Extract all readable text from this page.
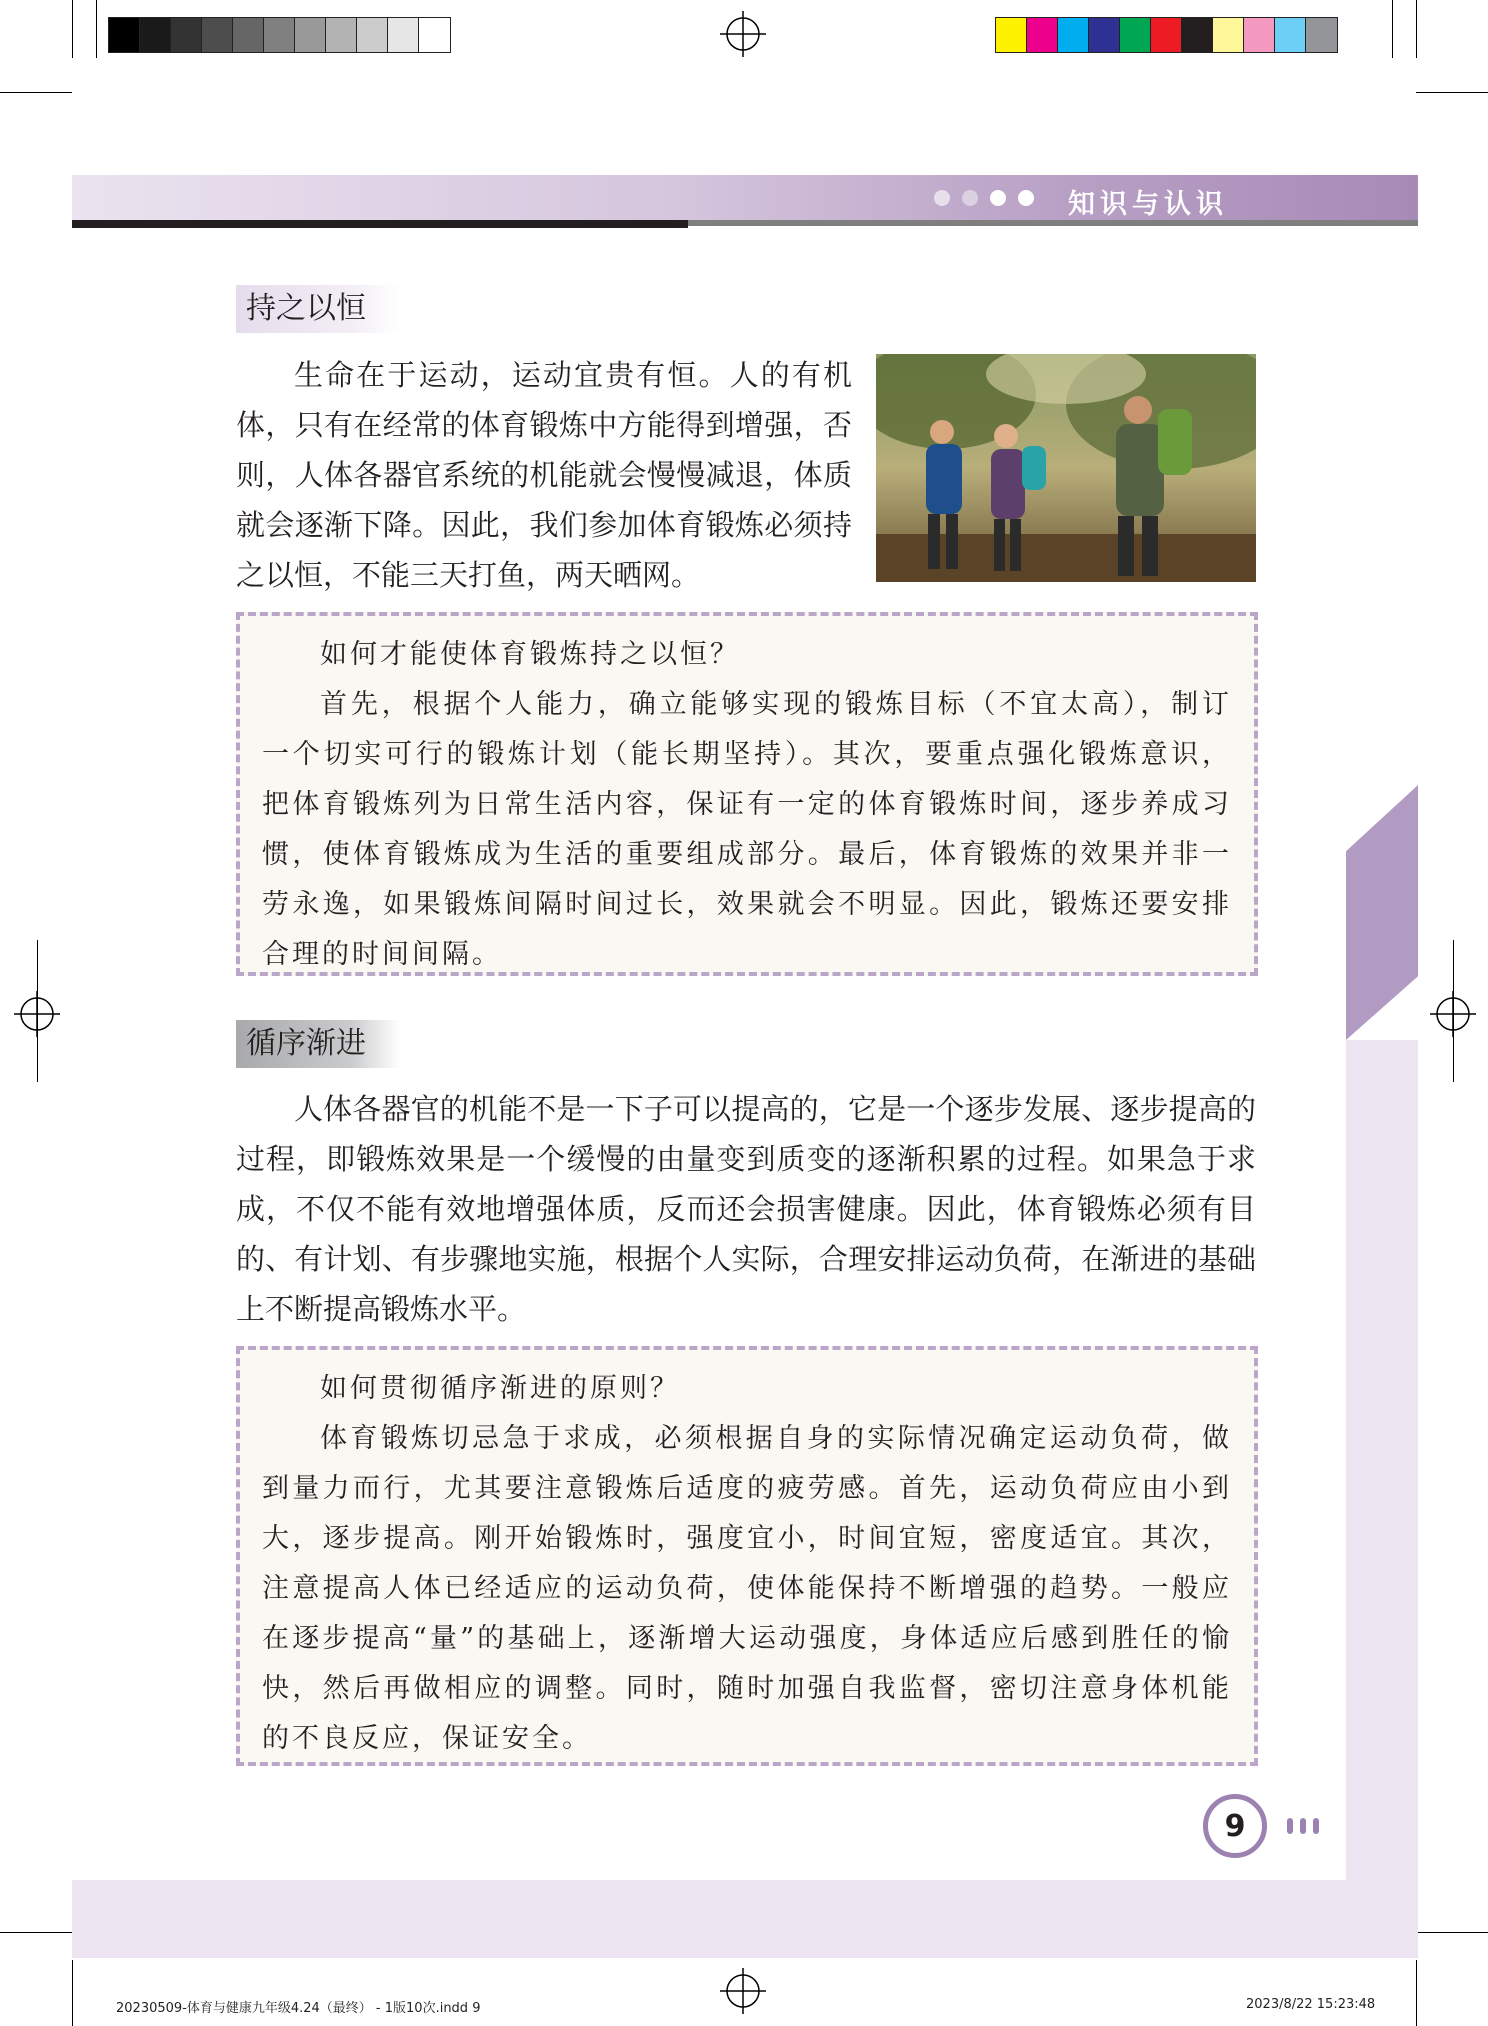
知识与认识
持之以恒

生命在于运动，运动宜贵有恒。人的有机体，只有在经常的体育锻炼中方能得到增强，否则，人体各器官系统的机能就会慢慢减退，体质就会逐渐下降。因此，我们参加体育锻炼必须持之以恒，不能三天打鱼，两天晒网。

如何才能使体育锻炼持之以恒？

首先，根据个人能力，确立能够实现的锻炼目标（不宜太高），制订一个切实可行的锻炼计划（能长期坚持）。其次，要重点强化锻炼意识，把体育锻炼列为日常生活内容，保证有一定的体育锻炼时间，逐步养成习惯，使体育锻炼成为生活的重要组成部分。最后，体育锻炼的效果并非一劳永逸，如果锻炼间隔时间过长，效果就会不明显。因此，锻炼还要安排合理的时间间隔。

循序渐进

人体各器官的机能不是一下子可以提高的，它是一个逐步发展、逐步提高的过程，即锻炼效果是一个缓慢的由量变到质变的逐渐积累的过程。如果急于求成，不仅不能有效地增强体质，反而还会损害健康。因此，体育锻炼必须有目的、有计划、有步骤地实施，根据个人实际，合理安排运动负荷，在渐进的基础上不断提高锻炼水平。

如何贯彻循序渐进的原则？

体育锻炼切忌急于求成，必须根据自身的实际情况确定运动负荷，做到量力而行，尤其要注意锻炼后适度的疲劳感。首先，运动负荷应由小到大，逐步提高。刚开始锻炼时，强度宜小，时间宜短，密度适宜。其次，注意提高人体已经适应的运动负荷，使体能保持不断增强的趋势。一般应在逐步提高“量”的基础上，逐渐增大运动强度，身体适应后感到胜任的愉快，然后再做相应的调整。同时，随时加强自我监督，密切注意身体机能的不良反应，保证安全。

9
20230509-体育与健康九年级4.24（最终） - 1版10次.indd 9	2023/8/22 15:23:48
